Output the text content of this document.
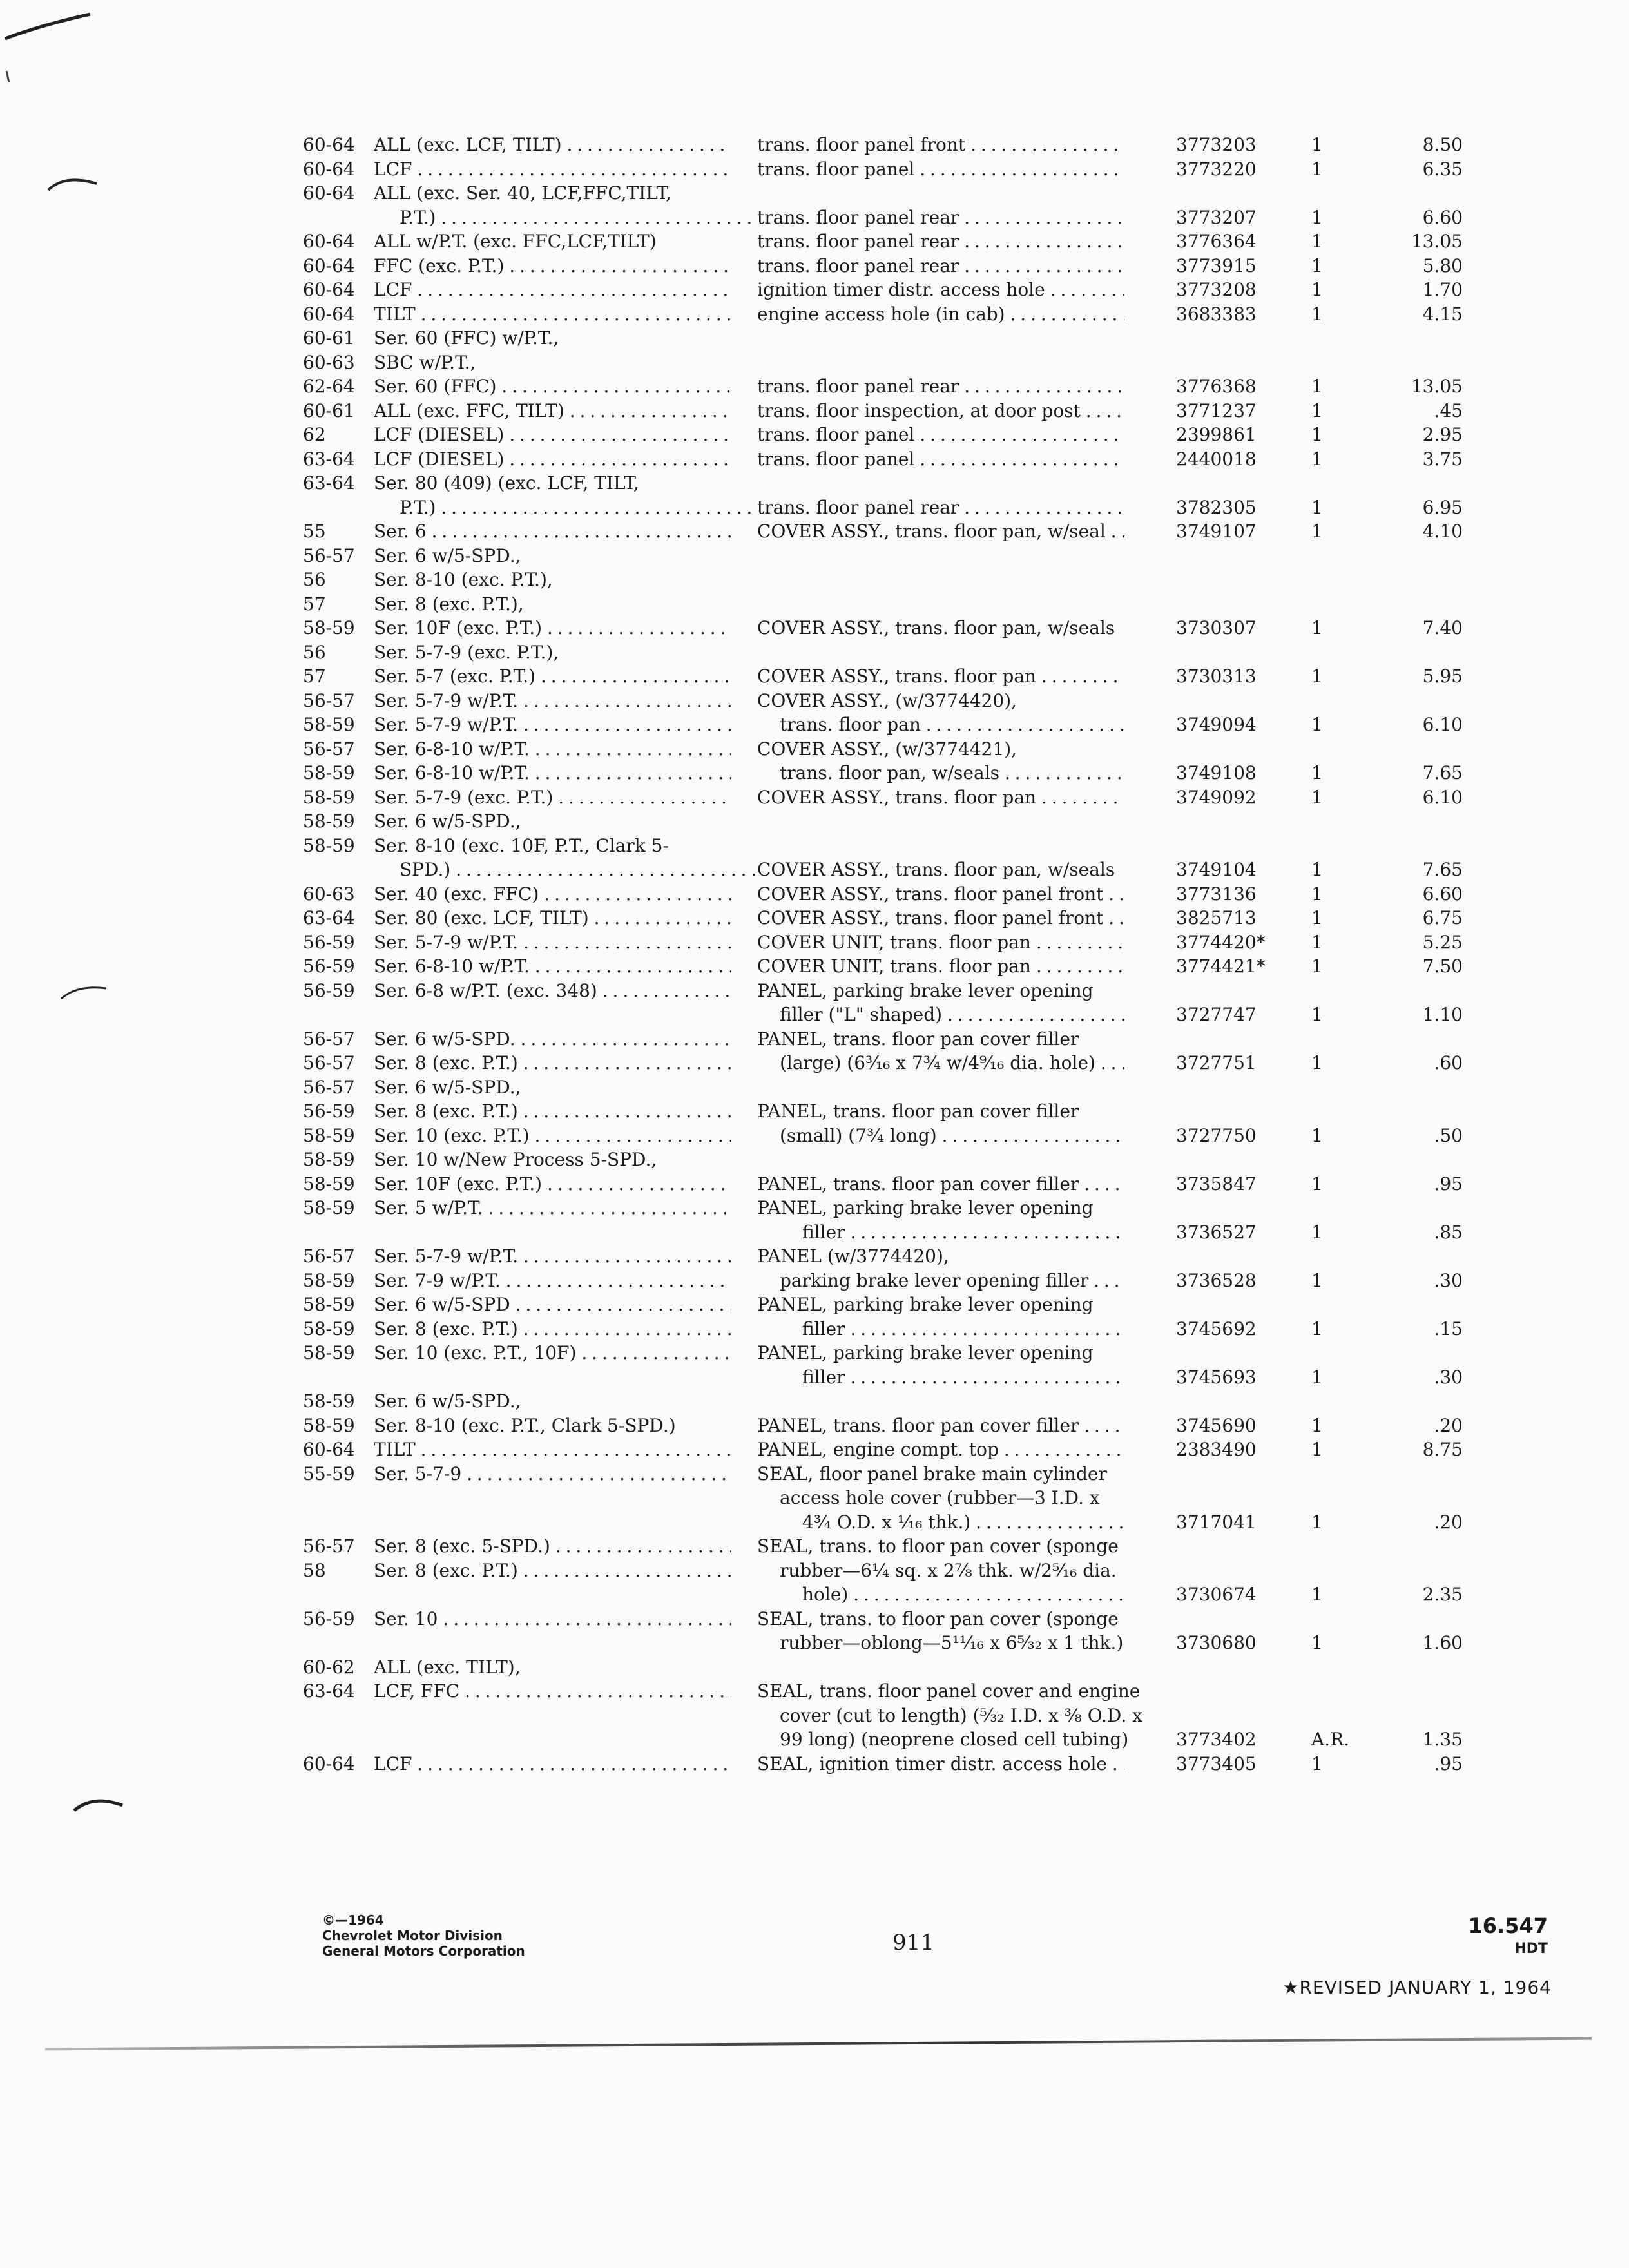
60-64 ALL (exc. LCF, TILT) . . .	trans. floor panel front . . .	3773203	1	8.50
60-64 LCF . . .	trans. floor panel . . .	3773220	1	6.35
60-64 ALL (exc. Ser. 40, LCF,FFC,TILT,
P.T.) . . .	trans. floor panel rear . . .	3773207	1	6.60
60-64 ALL w/P.T. (exc. FFC,LCF,TILT)	trans. floor panel rear . . .	3776364	1	13.05
60-64 FFC (exc. P.T.) . . .	trans. floor panel rear . . .	3773915	1	5.80
60-64 LCF . . .	ignition timer distr. access hole . . .	3773208	1	1.70
60-64 TILT . . .	engine access hole (in cab) . . .	3683383	1	4.15
60-61 Ser. 60 (FFC) w/P.T.,
60-63 SBC w/P.T.,
62-64 Ser. 60 (FFC) . . .	trans. floor panel rear . . .	3776368	1	13.05
60-61 ALL (exc. FFC, TILT) . . .	trans. floor inspection, at door post . . .	3771237	1	.45
62	LCF (DIESEL) . . .	trans. floor panel . . .	2399861	1	2.95
63-64 LCF (DIESEL) . . .	trans. floor panel . . .	2440018	1	3.75
63-64 Ser. 80 (409) (exc. LCF, TILT,
P.T.) . . .	trans. floor panel rear . . .	3782305	1	6.95
55	Ser. 6 . . .	COVER ASSY., trans. floor pan, w/seal . . .	3749107	1	4.10
56-57 Ser. 6 w/5-SPD.,
56	Ser. 8-10 (exc. P.T.),
57	Ser. 8 (exc. P.T.),
58-59 Ser. 10F (exc. P.T.) . . .	COVER ASSY., trans. floor pan, w/seals	3730307	1	7.40
56	Ser. 5-7-9 (exc. P.T.),
57	Ser. 5-7 (exc. P.T.) . . .	COVER ASSY., trans. floor pan . . .	3730313	1	5.95
56-57 Ser. 5-7-9 w/P.T. . . .	COVER ASSY., (w/3774420),
58-59 Ser. 5-7-9 w/P.T. . . .	trans. floor pan . . .	3749094	1	6.10
56-57 Ser. 6-8-10 w/P.T. . . .	COVER ASSY., (w/3774421),
58-59 Ser. 6-8-10 w/P.T. . . .	trans. floor pan, w/seals . . .	3749108	1	7.65
58-59 Ser. 5-7-9 (exc. P.T.) . . .	COVER ASSY., trans. floor pan . . .	3749092	1	6.10
58-59 Ser. 6 w/5-SPD.,
58-59 Ser. 8-10 (exc. 10F, P.T., Clark 5-
SPD.) . . .	COVER ASSY., trans. floor pan, w/seals	3749104	1	7.65
60-63 Ser. 40 (exc. FFC) . . .	COVER ASSY., trans. floor panel front . . .	3773136	1	6.60
63-64 Ser. 80 (exc. LCF, TILT) . . .	COVER ASSY., trans. floor panel front . . .	3825713	1	6.75
56-59 Ser. 5-7-9 w/P.T. . . .	COVER UNIT, trans. floor pan . . .	3774420*	1	5.25
56-59 Ser. 6-8-10 w/P.T. . . .	COVER UNIT, trans. floor pan . . .	3774421*	1	7.50
56-59 Ser. 6-8 w/P.T. (exc. 348) . . .	PANEL, parking brake lever opening
filler ("L" shaped) . . .	3727747	1	1.10
56-57 Ser. 6 w/5-SPD. . . .	PANEL, trans. floor pan cover filler
56-57 Ser. 8 (exc. P.T.) . . .	(large) (6³⁄₁₆ x 7³⁄₄ w/4⁹⁄₁₆ dia. hole) . . .	3727751	1	.60
56-57 Ser. 6 w/5-SPD.,
56-59 Ser. 8 (exc. P.T.) . . .	PANEL, trans. floor pan cover filler
58-59 Ser. 10 (exc. P.T.) . . .	(small) (7³⁄₄ long) . . .	3727750	1	.50
58-59 Ser. 10 w/New Process 5-SPD.,
58-59 Ser. 10F (exc. P.T.) . . .	PANEL, trans. floor pan cover filler . . .	3735847	1	.95
58-59 Ser. 5 w/P.T. . . .	PANEL, parking brake lever opening
filler . . .	3736527	1	.85
56-57 Ser. 5-7-9 w/P.T. . . .	PANEL (w/3774420),
58-59 Ser. 7-9 w/P.T. . . .	parking brake lever opening filler . . .	3736528	1	.30
58-59 Ser. 6 w/5-SPD . . .	PANEL, parking brake lever opening
58-59 Ser. 8 (exc. P.T.) . . .	filler . . .	3745692	1	.15
58-59 Ser. 10 (exc. P.T., 10F) . . .	PANEL, parking brake lever opening
filler . . .	3745693	1	.30
58-59 Ser. 6 w/5-SPD.,
58-59 Ser. 8-10 (exc. P.T., Clark 5-SPD.)	PANEL, trans. floor pan cover filler . . .	3745690	1	.20
60-64 TILT . . .	PANEL, engine compt. top . . .	2383490	1	8.75
55-59 Ser. 5-7-9 . . .	SEAL, floor panel brake main cylinder
access hole cover (rubber—3 I.D. x
4³⁄₄ O.D. x ¹⁄₁₆ thk.) . . .	3717041	1	.20
56-57 Ser. 8 (exc. 5-SPD.) . . .	SEAL, trans. to floor pan cover (sponge
58	Ser. 8 (exc. P.T.) . . .	rubber—6¹⁄₄ sq. x 2⁷⁄₈ thk. w/2⁵⁄₁₆ dia.
hole) . . .	3730674	1	2.35
56-59 Ser. 10 . . .	SEAL, trans. to floor pan cover (sponge
rubber—oblong—5¹¹⁄₁₆ x 6⁵⁄₃₂ x 1 thk.) . . .	3730680	1	1.60
60-62 ALL (exc. TILT),
63-64 LCF, FFC . . .	SEAL, trans. floor panel cover and engine
cover (cut to length) (⁵⁄₃₂ I.D. x ³⁄₈ O.D. x
99 long) (neoprene closed cell tubing)	3773402	A.R.	1.35
60-64 LCF . . .	SEAL, ignition timer distr. access hole . . .	3773405	1	.95
©—1964
Chevrolet Motor Division
General Motors Corporation	911
16.547
HDT
★REVISED JANUARY 1, 1964
